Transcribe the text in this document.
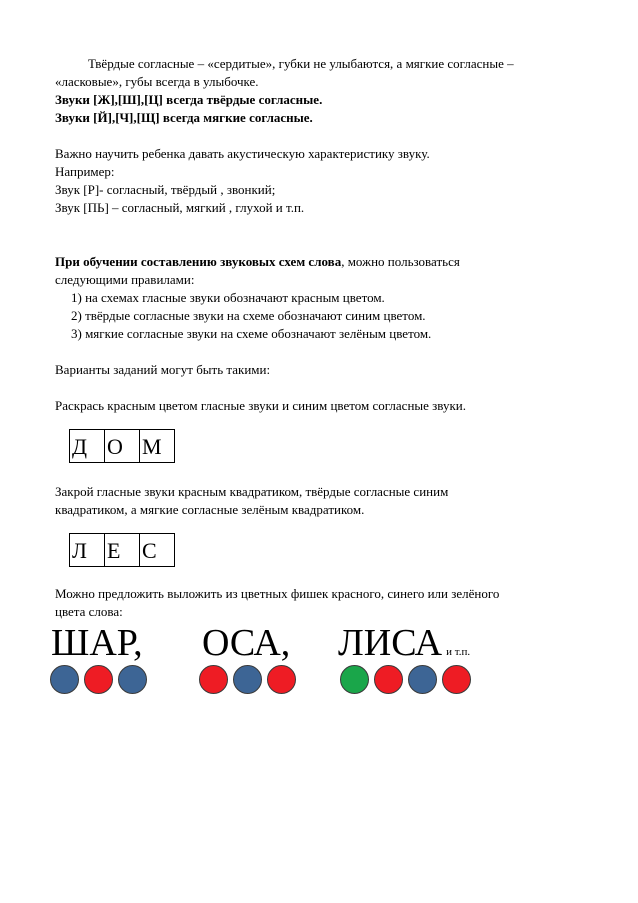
Твёрдые согласные – «сердитые», губки не улыбаются, а мягкие согласные –

«ласковые», губы всегда в улыбочке.

Звуки [Ж],[Ш],[Ц] всегда твёрдые согласные.

Звуки [Й],[Ч],[Щ] всегда мягкие согласные.

Важно научить ребенка давать акустическую характеристику звуку.

Например:

Звук [Р]- согласный, твёрдый , звонкий;

Звук [ПЬ] – согласный, мягкий , глухой и т.п.

При обучении составлению звуковых схем слова, можно пользоваться

следующими правилами:

1) на схемах гласные звуки обозначают красным цветом.
2) твёрдые согласные звуки на схеме обозначают синим цветом.
3) мягкие согласные звуки на схеме обозначают зелёным цветом.

Варианты заданий могут быть такими:

Раскрась красным цветом гласные звуки и синим цветом согласные звуки.

Д О М

Закрой гласные звуки красным квадратиком, твёрдые согласные синим

квадратиком, а мягкие согласные зелёным квадратиком.

Л Е С

Можно предложить выложить из цветных фишек красного, синего или зелёного

цвета слова:

ШАР, ОСА, ЛИСА и т.п.
